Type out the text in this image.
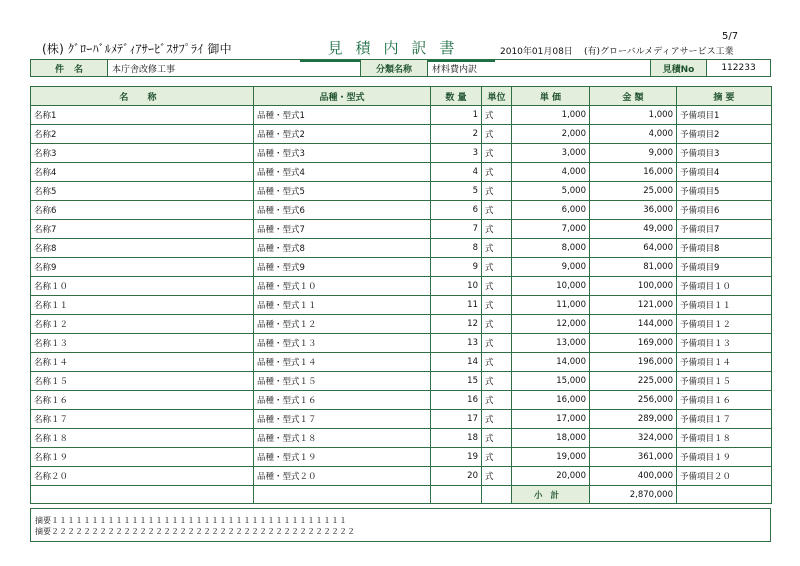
5/7
(株) ｸﾞﾛｰﾊﾞﾙﾒﾃﾞｨｱｻｰﾋﾞｽｻﾌﾟﾗｲ 御中	見積内訳書	2010年01月08日 (有)グローバルメディアサービス工業
件名	本庁舎改修工事	分類名称	材料費内訳	見積No	112233
名 称	品種・型式	数 量	単位	単 価	金 額	摘 要
名称1	品種・型式1	1	式	1,000	1,000	予備項目1
名称2	品種・型式2	2	式	2,000	4,000	予備項目2
名称3	品種・型式3	3	式	3,000	9,000	予備項目3
名称4	品種・型式4	4	式	4,000	16,000	予備項目4
名称5	品種・型式5	5	式	5,000	25,000	予備項目5
名称6	品種・型式6	6	式	6,000	36,000	予備項目6
名称7	品種・型式7	7	式	7,000	49,000	予備項目7
名称8	品種・型式8	8	式	8,000	64,000	予備項目8
名称9	品種・型式9	9	式	9,000	81,000	予備項目9
名称１０	品種・型式１０	10	式	10,000	100,000	予備項目１０
名称１１	品種・型式１１	11	式	11,000	121,000	予備項目１１
名称１２	品種・型式１２	12	式	12,000	144,000	予備項目１２
名称１３	品種・型式１３	13	式	13,000	169,000	予備項目１３
名称１４	品種・型式１４	14	式	14,000	196,000	予備項目１４
名称１５	品種・型式１５	15	式	15,000	225,000	予備項目１５
名称１６	品種・型式１６	16	式	16,000	256,000	予備項目１６
名称１７	品種・型式１７	17	式	17,000	289,000	予備項目１７
名称１８	品種・型式１８	18	式	18,000	324,000	予備項目１８
名称１９	品種・型式１９	19	式	19,000	361,000	予備項目１９
名称２０	品種・型式２０	20	式	20,000	400,000	予備項目２０
				小計	2,870,000	
摘要１１１１１１１１１１１１１１１１１１１１１１１１１１１１１１１１１１１１１
摘要２２２２２２２２２２２２２２２２２２２２２２２２２２２２２２２２２２２２２２
